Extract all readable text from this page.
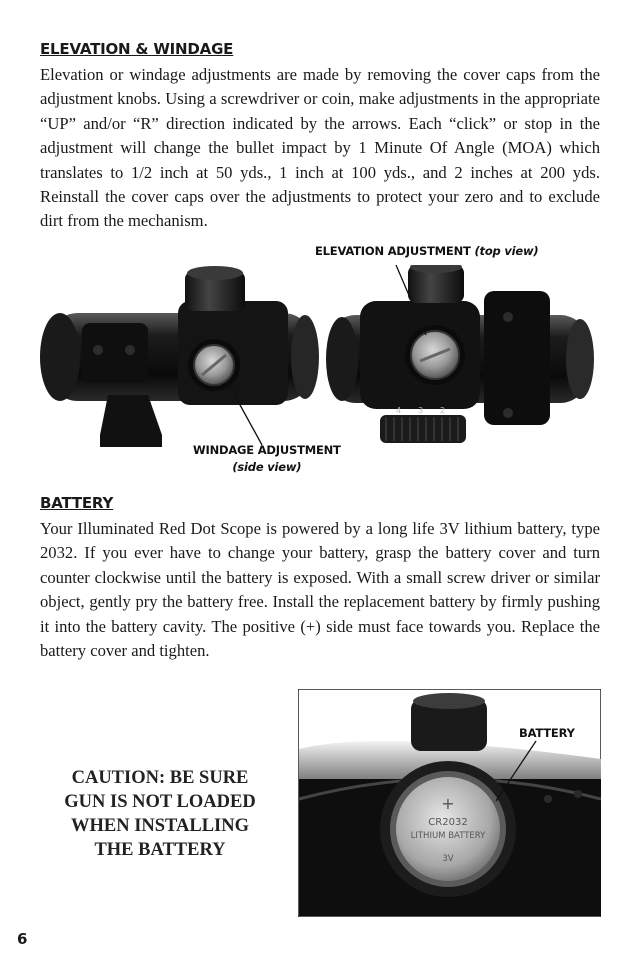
ELEVATION & WINDAGE

Elevation or windage adjustments are made by removing the cover caps from the adjustment knobs. Using a screwdriver or coin, make adjustments in the appropriate “UP” and/or “R” direction indicated by the arrows. Each “click” or stop in the adjustment will change the bullet impact by 1 Minute Of Angle (MOA) which translates to 1/2 inch at 50 yds., 1 inch at 100 yds., and 2 inches at 200 yds. Reinstall the cover caps over the adjustments to protect your zero and to exclude dirt from the mechanism.

ELEVATION ADJUSTMENT (top view)
4 3 2
WINDAGE ADJUSTMENT
(side view)
BATTERY

Your Illuminated Red Dot Scope is powered by a long life 3V lithium battery, type 2032. If you ever have to change your battery, grasp the battery cover and turn counter clockwise until the battery is exposed. With a small screw driver or similar object, gently pry the battery free. Install the replacement battery by firmly pushing it into the battery cavity. The positive (+) side must face towards you. Replace the battery cover and tighten.

CAUTION: BE SURE
GUN IS NOT LOADED
WHEN INSTALLING
THE BATTERY
+
CR2032
LITHIUM BATTERY
3V
BATTERY
6
